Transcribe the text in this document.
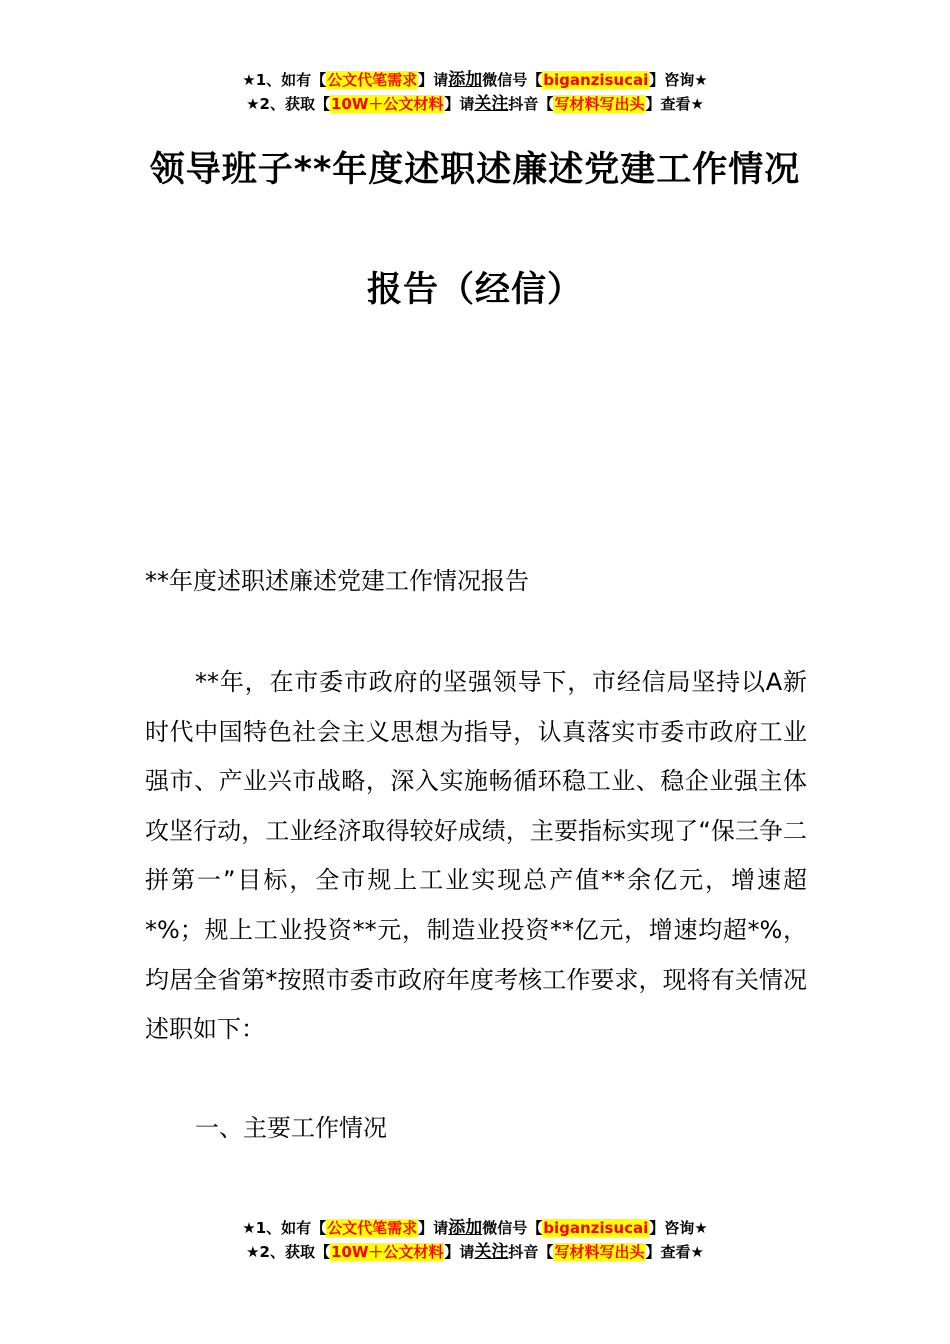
★1、如有【公文代笔需求】请添加微信号【biganzisucai】咨询★
★2、获取【10W＋公文材料】请关注抖音【写材料写出头】查看★
领导班子**年度述职述廉述党建工作情况
报告（经信）
**年度述职述廉述党建工作情况报告

**年，在市委市政府的坚强领导下，市经信局坚持以A新时代中国特色社会主义思想为指导，认真落实市委市政府工业强市、产业兴市战略，深入实施畅循环稳工业、稳企业强主体攻坚行动，工业经济取得较好成绩，主要指标实现了“保三争二拼第一”目标，全市规上工业实现总产值**余亿元，增速超*%；规上工业投资**元，制造业投资**亿元，增速均超*%，均居全省第*按照市委市政府年度考核工作要求，现将有关情况述职如下：

一、主要工作情况
★1、如有【公文代笔需求】请添加微信号【biganzisucai】咨询★
★2、获取【10W＋公文材料】请关注抖音【写材料写出头】查看★
